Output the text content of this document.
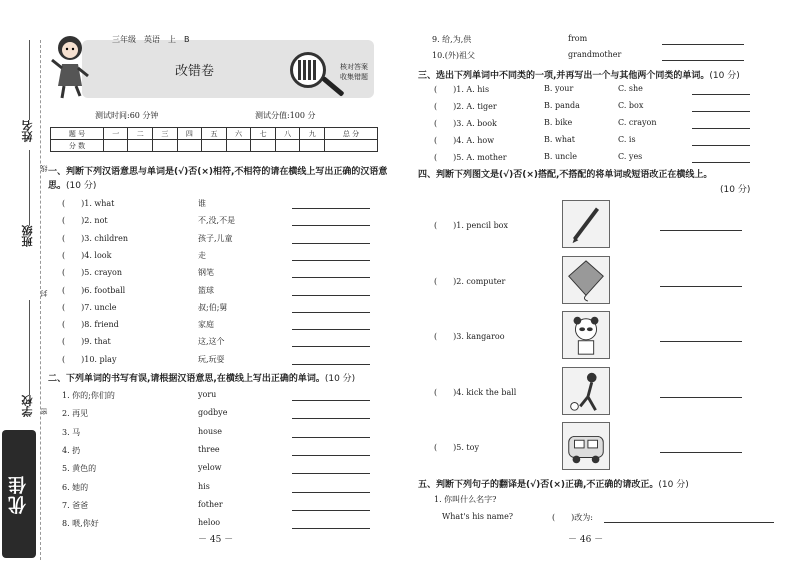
姓名
班级
学校
线
封
密
优佳
三年级　英语　上　B
改错卷	核对答案
收集错题
测试时间:60 分钟	测试分值:100 分
题 号	一	二	三	四	五	六	七	八	九	总 分
分 数										
一、判断下列汉语意思与单词是(√)否(×)相符,不相符的请在横线上写出正确的汉语意思。(10 分)
(　　)1. what	谁
(　　)2. not	不,没,不是
(　　)3. children	孩子,儿童
(　　)4. look	走
(　　)5. crayon	钢笔
(　　)6. football	篮球
(　　)7. uncle	叔;伯;舅
(　　)8. friend	家庭
(　　)9. that	这,这个
(　　)10. play	玩,玩耍
二、下列单词的书写有误,请根据汉语意思,在横线上写出正确的单词。(10 分)
1. 你的;你们的	yoru
2. 再见	godbye
3. 马	house
4. 扔	three
5. 黄色的	yelow
6. 她的	his
7. 爸爸	fother
8. 喂,你好	heloo
－ 45 －
9. 给,为,供	from
10.(外)祖父	grandmother
三、选出下列单词中不同类的一项,并再写出一个与其他两个同类的单词。(10 分)
(　　)1. A. his	B. your	C. she
(　　)2. A. tiger	B. panda	C. box
(　　)3. A. book	B. bike	C. crayon
(　　)4. A. how	B. what	C. is
(　　)5. A. mother	B. uncle	C. yes
四、判断下列图文是(√)否(×)搭配,不搭配的将单词或短语改正在横线上。
(10 分)
(　　)1. pencil box
(　　)2. computer
(　　)3. kangaroo
(　　)4. kick the ball
(　　)5. toy
五、判断下列句子的翻译是(√)否(×)正确,不正确的请改正。(10 分)
1. 你叫什么名字?
What's his name?	(　　)改为:
－ 46 －
